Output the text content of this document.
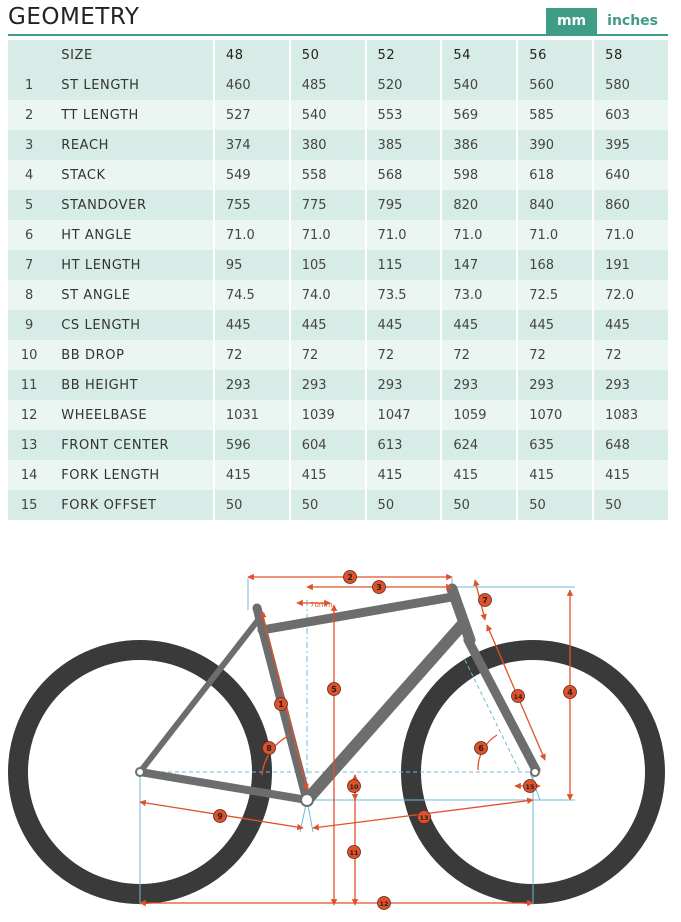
GEOMETRY	mm	inches
	SIZE	48	50	52	54	56	58
1	ST LENGTH	460	485	520	540	560	580
2	TT LENGTH	527	540	553	569	585	603
3	REACH	374	380	385	386	390	395
4	STACK	549	558	568	598	618	640
5	STANDOVER	755	775	795	820	840	860
6	HT ANGLE	71.0	71.0	71.0	71.0	71.0	71.0
7	HT LENGTH	95	105	115	147	168	191
8	ST ANGLE	74.5	74.0	73.5	73.0	72.5	72.0
9	CS LENGTH	445	445	445	445	445	445
10	BB DROP	72	72	72	72	72	72
11	BB HEIGHT	293	293	293	293	293	293
12	WHEELBASE	1031	1039	1047	1059	1070	1083
13	FRONT CENTER	596	604	613	624	635	648
14	FORK LENGTH	415	415	415	415	415	415
15	FORK OFFSET	50	50	50	50	50	50
70mm
1
2
3
4
5
6
7
8
9
10
11
12
13
14
15
